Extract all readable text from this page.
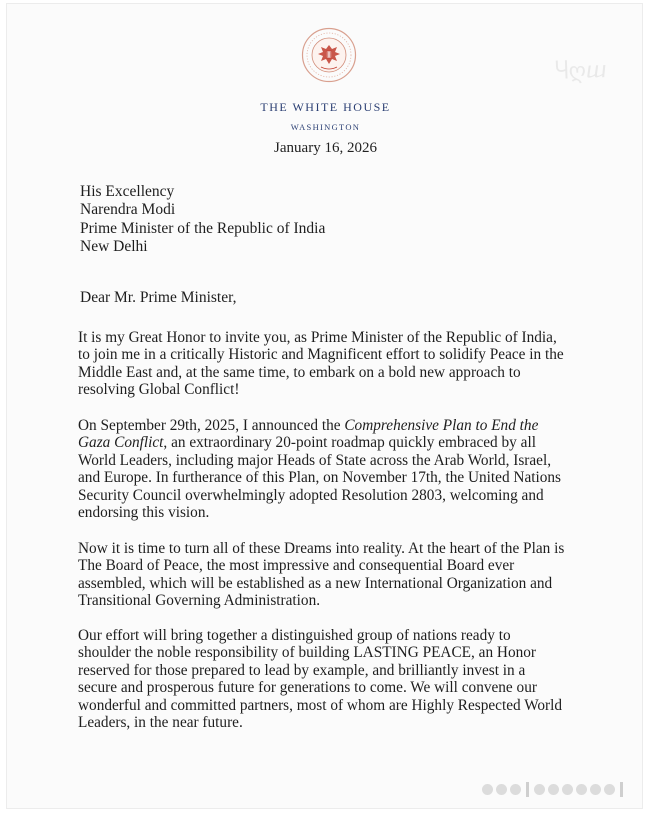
Ⴗ⁠ღ⁠ⴍ
THE WHITE HOUSE
WASHINGTON
January 16, 2026
His Excellency
Narendra Modi
Prime Minister of the Republic of India
New Delhi
Dear Mr. Prime Minister,

It is my Great Honor to invite you, as Prime Minister of the Republic of India, to join me in a critically Historic and Magnificent effort to solidify Peace in the Middle East and, at the same time, to embark on a bold new approach to resolving Global Conflict!

On September 29th, 2025, I announced the Comprehensive Plan to End the Gaza Conflict, an extraordinary 20-point roadmap quickly embraced by all World Leaders, including major Heads of State across the Arab World, Israel, and Europe. In furtherance of this Plan, on November 17th, the United Nations Security Council overwhelmingly adopted Resolution 2803, welcoming and endorsing this vision.

Now it is time to turn all of these Dreams into reality. At the heart of the Plan is The Board of Peace, the most impressive and consequential Board ever assembled, which will be established as a new International Organization and Transitional Governing Administration.

Our effort will bring together a distinguished group of nations ready to shoulder the noble responsibility of building LASTING PEACE, an Honor reserved for those prepared to lead by example, and brilliantly invest in a secure and prosperous future for generations to come. We will convene our wonderful and committed partners, most of whom are Highly Respected World Leaders, in the near future.
